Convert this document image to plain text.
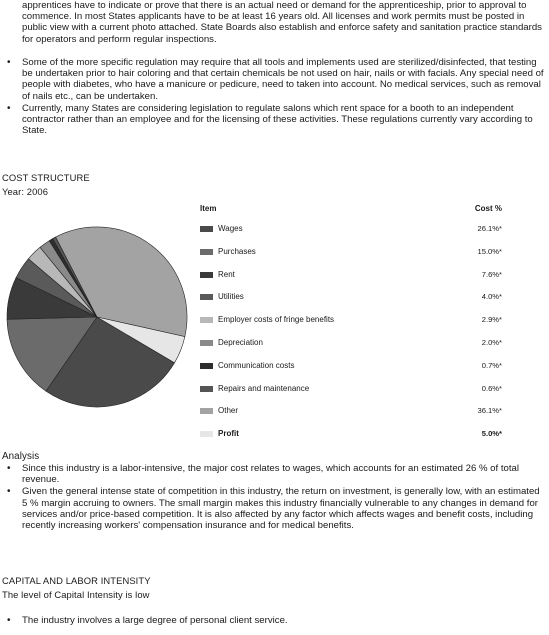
apprentices have to indicate or prove that there is an actual need or demand for the apprenticeship, prior to approval to commence. In most States applicants have to be at least 16 years old. All licenses and work permits must be posted in public view with a current photo attached. State Boards also establish and enforce safety and sanitation practice standards for operators and perform regular inspections.
• Some of the more specific regulation may require that all tools and implements used are sterilized/disinfected, that testing be undertaken prior to hair coloring and that certain chemicals be not used on hair, nails or with facials. Any special need of people with diabetes, who have a manicure or pedicure, need to taken into account. No medical services, such as removal of nails etc., can be undertaken.
• Currently, many States are considering legislation to regulate salons which rent space for a booth to an independent contractor rather than an employee and for the licensing of these activities. These regulations currently vary according to State.
COST STRUCTURE
Year: 2006
Item	Cost %
Wages	26.1%*
Purchases	15.0%*
Rent	7.6%*
Utilities	4.0%*
Employer costs of fringe benefits	2.9%*
Depreciation	2.0%*
Communication costs	0.7%*
Repairs and maintenance	0.6%*
Other	36.1%*
Profit	5.0%*
Analysis
• Since this industry is a labor-intensive, the major cost relates to wages, which accounts for an estimated 26 % of total revenue.
• Given the general intense state of competition in this industry, the return on investment, is generally low, with an estimated 5 % margin accruing to owners. The small margin makes this industry financially vulnerable to any changes in demand for services and/or price-based competition. It is also affected by any factor which affects wages and benefit costs, including recently increasing workers' compensation insurance and for medical benefits.
CAPITAL AND LABOR INTENSITY
The level of Capital Intensity is low
• The industry involves a large degree of personal client service.
